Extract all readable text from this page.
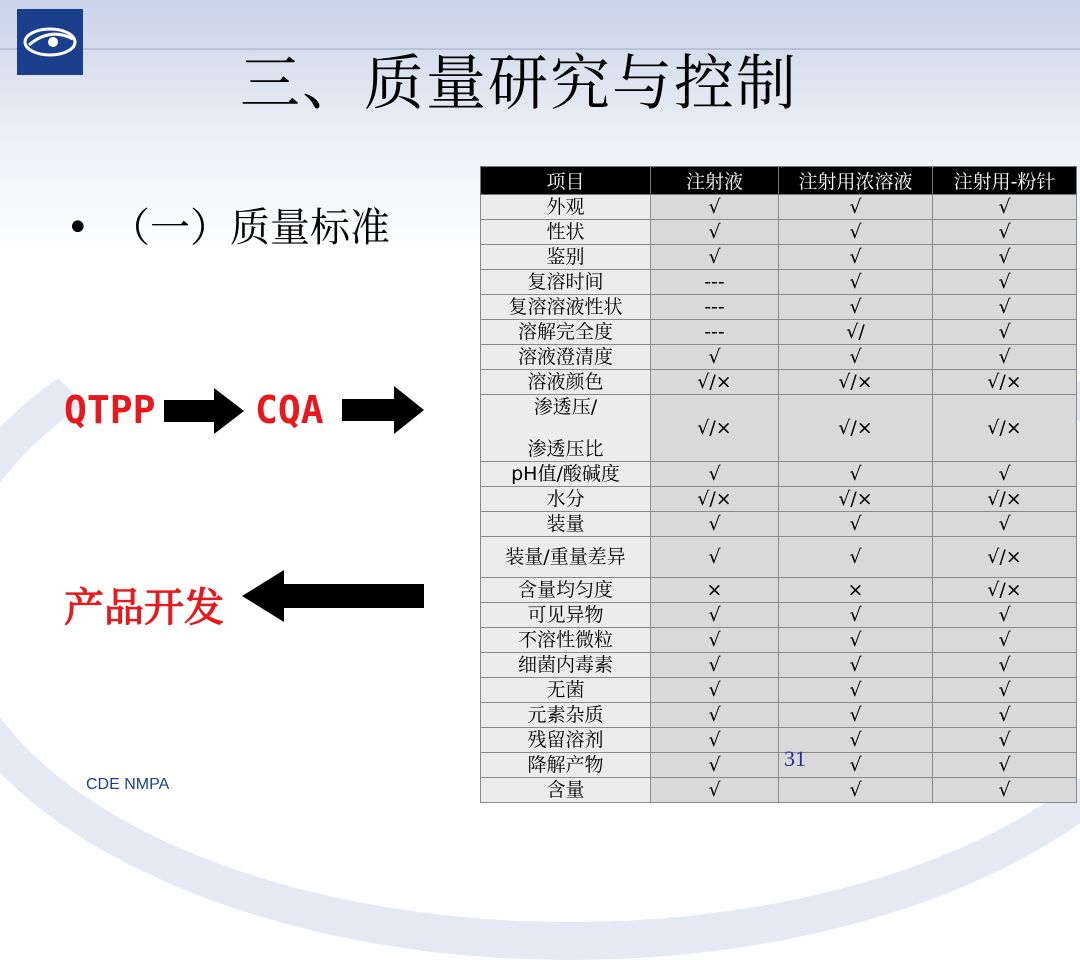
三、质量研究与控制
• （一）质量标准
QTPP	CQA
产品开发
项目	注射液	注射用浓溶液	注射用-粉针
外观	√	√	√
性状	√	√	√
鉴别	√	√	√
复溶时间	---	√	√
复溶溶液性状	---	√	√
溶解完全度	---	√/	√
溶液澄清度	√	√	√
溶液颜色	√/×	√/×	√/×

渗透压/
渗透压比	√/×	√/×	√/×
pH值/酸碱度	√	√	√
水分	√/×	√/×	√/×
装量	√	√	√
装量/重量差异	√	√	√/×
含量均匀度	×	×	√/×
可见异物	√	√	√
不溶性微粒	√	√	√
细菌内毒素	√	√	√
无菌	√	√	√
元素杂质	√	√	√
残留溶剂	√	√	√
降解产物	√	√	√
含量	√	√	√
31
CDE NMPA
